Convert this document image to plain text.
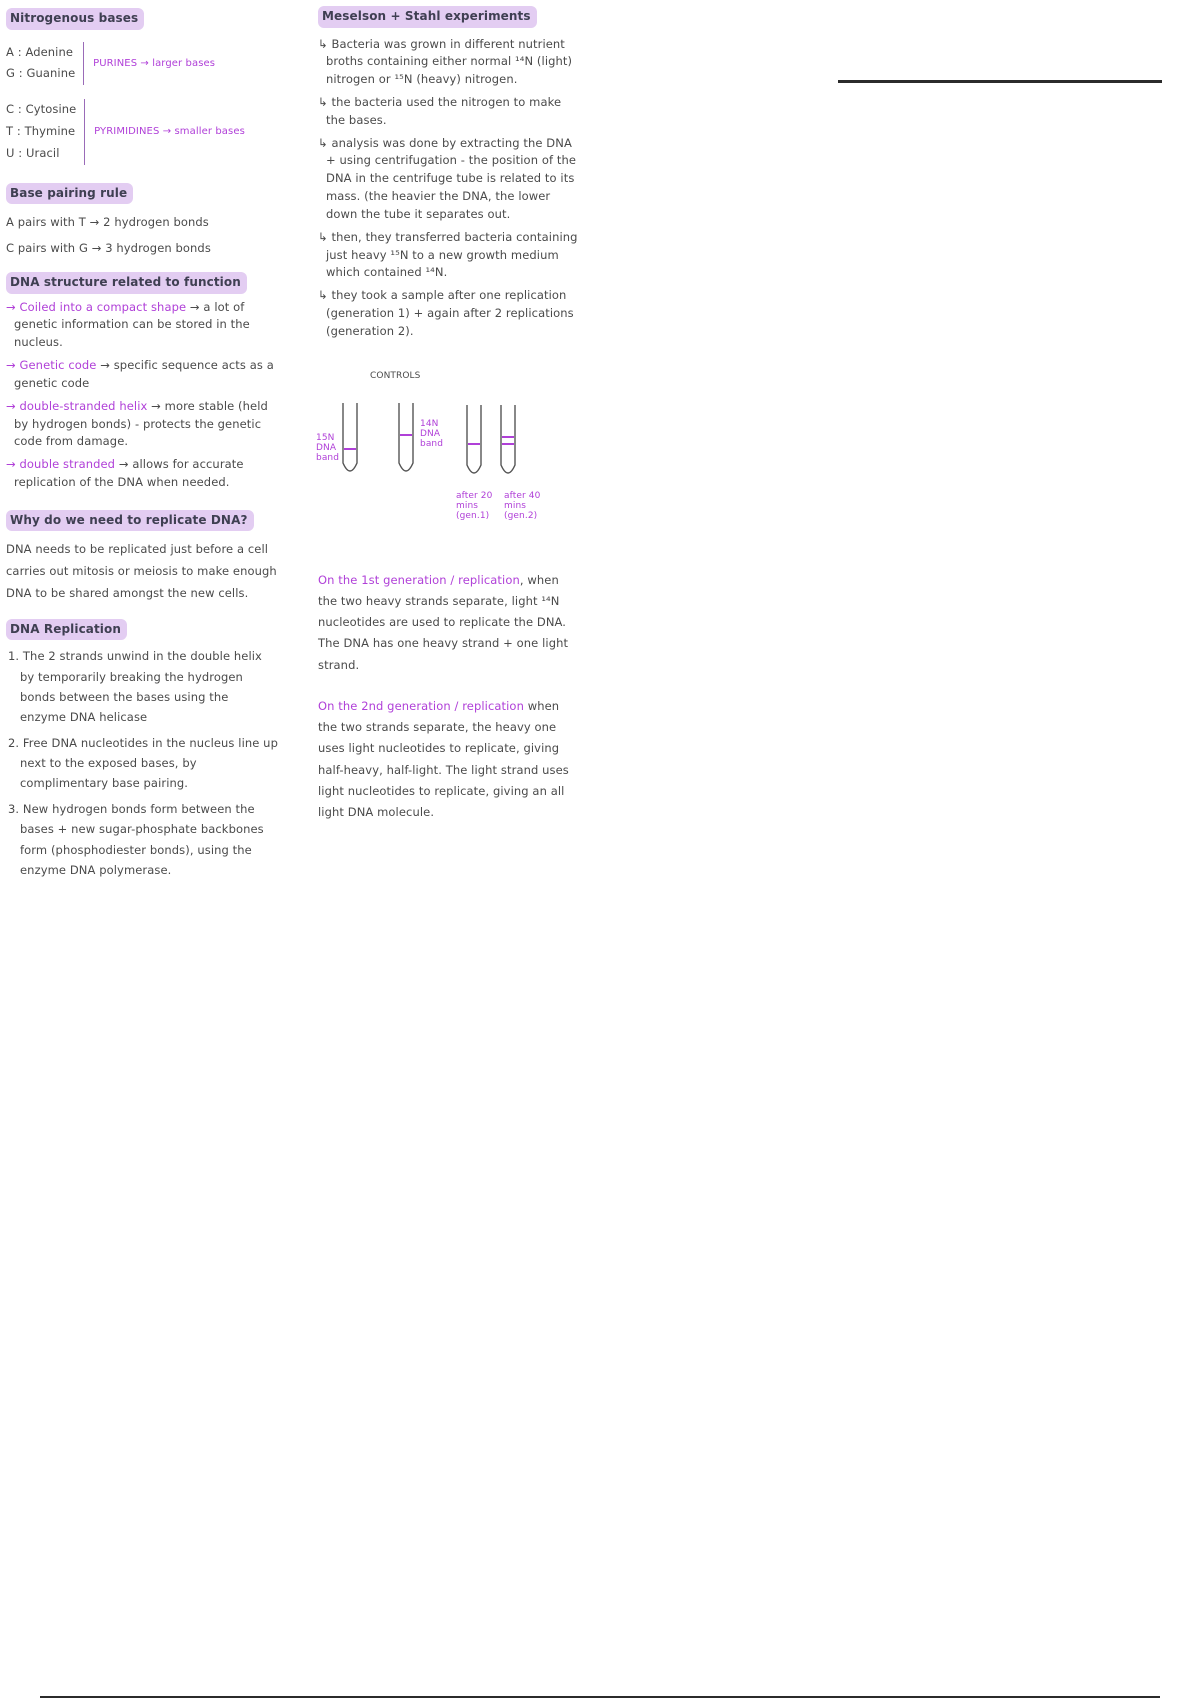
Nitrogenous bases
A : Adenine
G : Guanine PURINES → larger bases
C : Cytosine
T : Thymine
U : Uracil PYRIMIDINES → smaller bases
Base pairing rule

A pairs with T → 2 hydrogen bonds

C pairs with G → 3 hydrogen bonds

DNA structure related to function

→ Coiled into a compact shape → a lot of genetic information can be stored in the nucleus.

→ Genetic code → specific sequence acts as a genetic code

→ double-stranded helix → more stable (held by hydrogen bonds) - protects the genetic code from damage.

→ double stranded → allows for accurate replication of the DNA when needed.

Why do we need to replicate DNA?

DNA needs to be replicated just before a cell carries out mitosis or meiosis to make enough DNA to be shared amongst the new cells.

DNA Replication

1. The 2 strands unwind in the double helix by temporarily breaking the hydrogen bonds between the bases using the enzyme DNA helicase

2. Free DNA nucleotides in the nucleus line up next to the exposed bases, by complimentary base pairing.

3. New hydrogen bonds form between the bases + new sugar-phosphate backbones form (phosphodiester bonds), using the enzyme DNA polymerase.

Meselson + Stahl experiments

↳ Bacteria was grown in different nutrient broths containing either normal ¹⁴N (light) nitrogen or ¹⁵N (heavy) nitrogen.

↳ the bacteria used the nitrogen to make the bases.

↳ analysis was done by extracting the DNA + using centrifugation - the position of the DNA in the centrifuge tube is related to its mass. (the heavier the DNA, the lower down the tube it separates out.

↳ then, they transferred bacteria containing just heavy ¹⁵N to a new growth medium which contained ¹⁴N.

↳ they took a sample after one replication (generation 1) + again after 2 replications (generation 2).

CONTROLS
15N DNA band
14N DNA band
after 20 mins (gen.1)
after 40 mins (gen.2)

On the 1st generation / replication, when the two heavy strands separate, light ¹⁴N nucleotides are used to replicate the DNA. The DNA has one heavy strand + one light strand.

On the 2nd generation / replication when the two strands separate, the heavy one uses light nucleotides to replicate, giving half-heavy, half-light. The light strand uses light nucleotides to replicate, giving an all light DNA molecule.
